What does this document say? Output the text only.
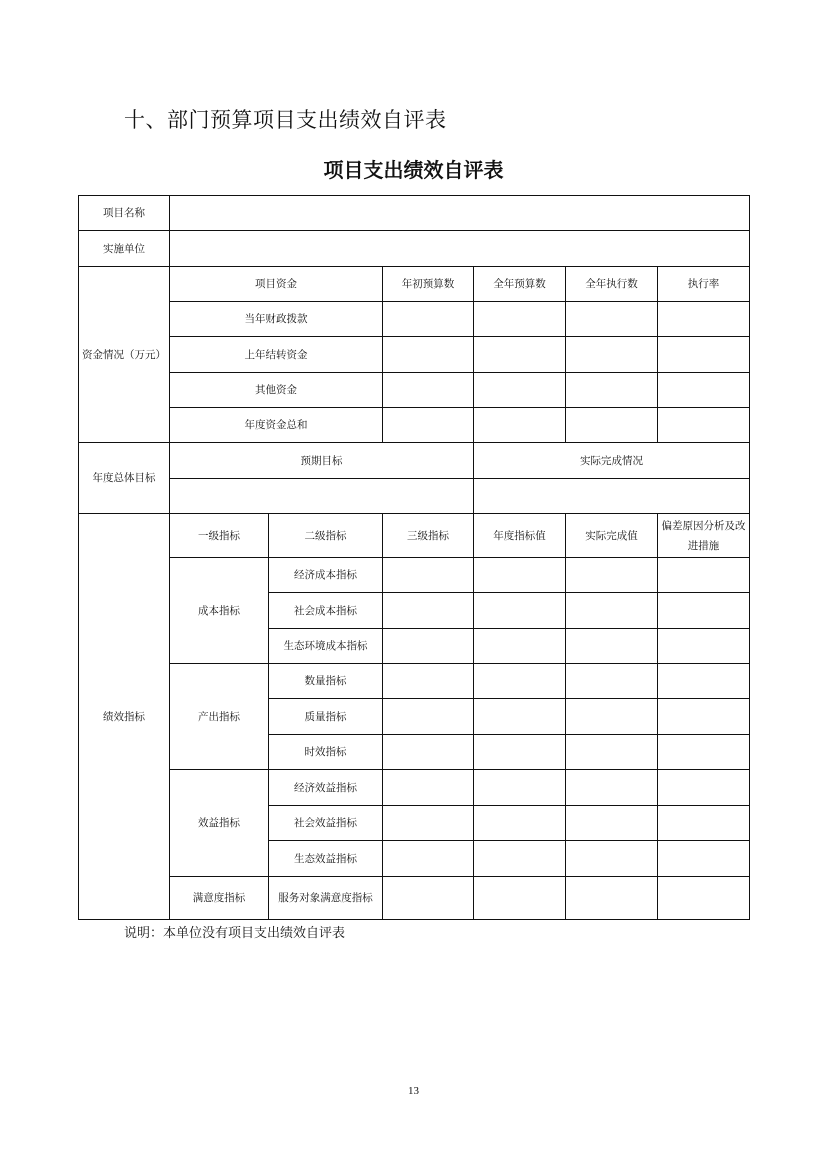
十、部门预算项目支出绩效自评表
项目支出绩效自评表
项目名称						
实施单位						
资金情况（万元）	项目资金		年初预算数	全年预算数	全年执行数	执行率
	当年财政拨款					
	上年结转资金					
	其他资金					
	年度资金总和					
年度总体目标	预期目标			实际完成情况		

绩效指标	一级指标	二级指标	三级指标	年度指标值	实际完成值	偏差原因分析及改进措施
	成本指标	经济成本指标				
		社会成本指标				
		生态环境成本指标				
	产出指标	数量指标				
		质量指标				
		时效指标				
	效益指标	经济效益指标				
		社会效益指标				
		生态效益指标				
	满意度指标	服务对象满意度指标				

说明：本单位没有项目支出绩效自评表

13
